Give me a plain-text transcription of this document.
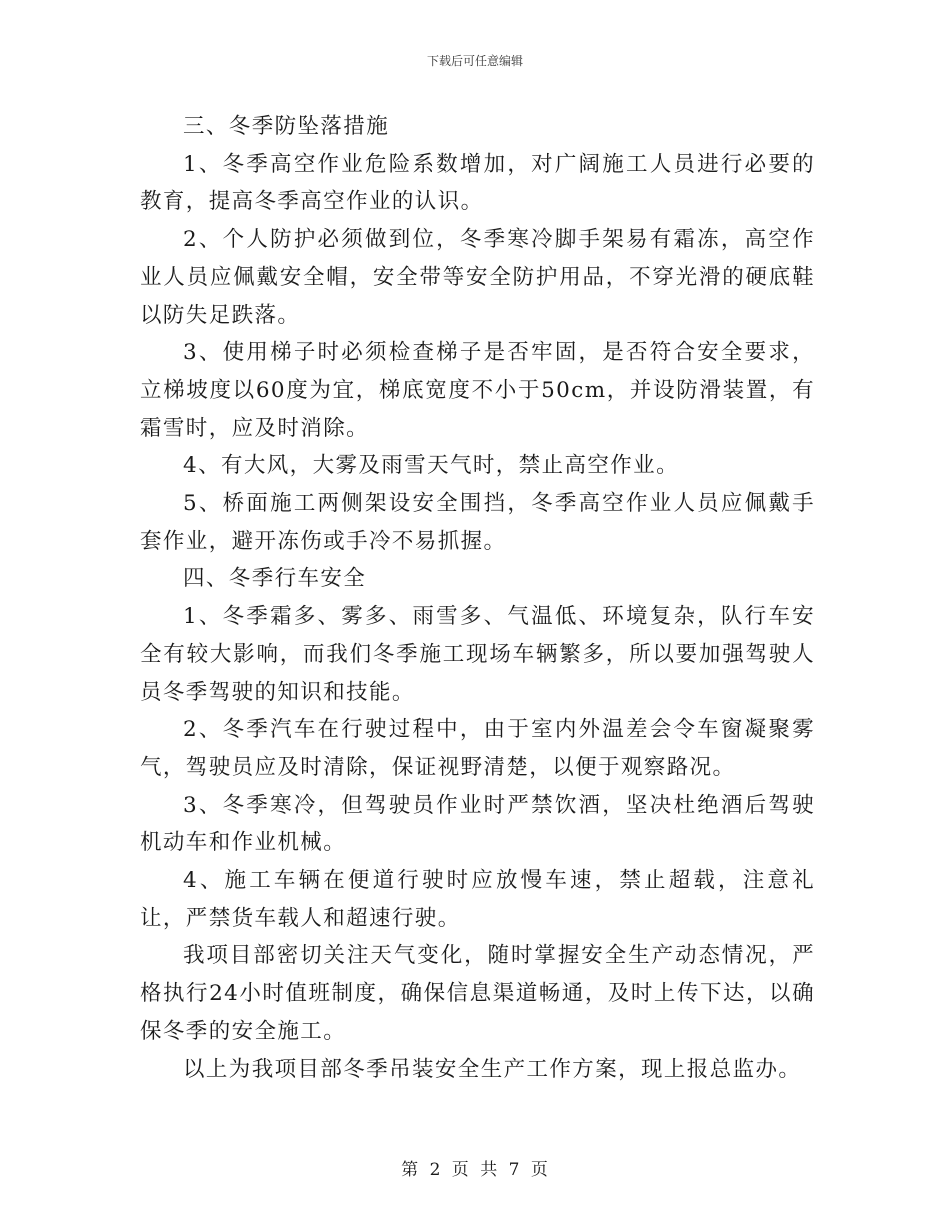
下载后可任意编辑

三、冬季防坠落措施

1、冬季高空作业危险系数增加，对广阔施工人员进行必要的教育，提高冬季高空作业的认识。

2、个人防护必须做到位，冬季寒冷脚手架易有霜冻，高空作业人员应佩戴安全帽，安全带等安全防护用品，不穿光滑的硬底鞋以防失足跌落。

3、使用梯子时必须检查梯子是否牢固，是否符合安全要求，立梯坡度以60度为宜，梯底宽度不小于50cm，并设防滑装置，有霜雪时，应及时消除。

4、有大风，大雾及雨雪天气时，禁止高空作业。

5、桥面施工两侧架设安全围挡，冬季高空作业人员应佩戴手套作业，避开冻伤或手冷不易抓握。

四、冬季行车安全

1、冬季霜多、雾多、雨雪多、气温低、环境复杂，队行车安全有较大影响，而我们冬季施工现场车辆繁多，所以要加强驾驶人员冬季驾驶的知识和技能。

2、冬季汽车在行驶过程中，由于室内外温差会令车窗凝聚雾气，驾驶员应及时清除，保证视野清楚，以便于观察路况。

3、冬季寒冷，但驾驶员作业时严禁饮酒，坚决杜绝酒后驾驶机动车和作业机械。

4、施工车辆在便道行驶时应放慢车速，禁止超载，注意礼让，严禁货车载人和超速行驶。

我项目部密切关注天气变化，随时掌握安全生产动态情况，严格执行24小时值班制度，确保信息渠道畅通，及时上传下达，以确保冬季的安全施工。

以上为我项目部冬季吊装安全生产工作方案，现上报总监办。

第 2 页 共 7 页
